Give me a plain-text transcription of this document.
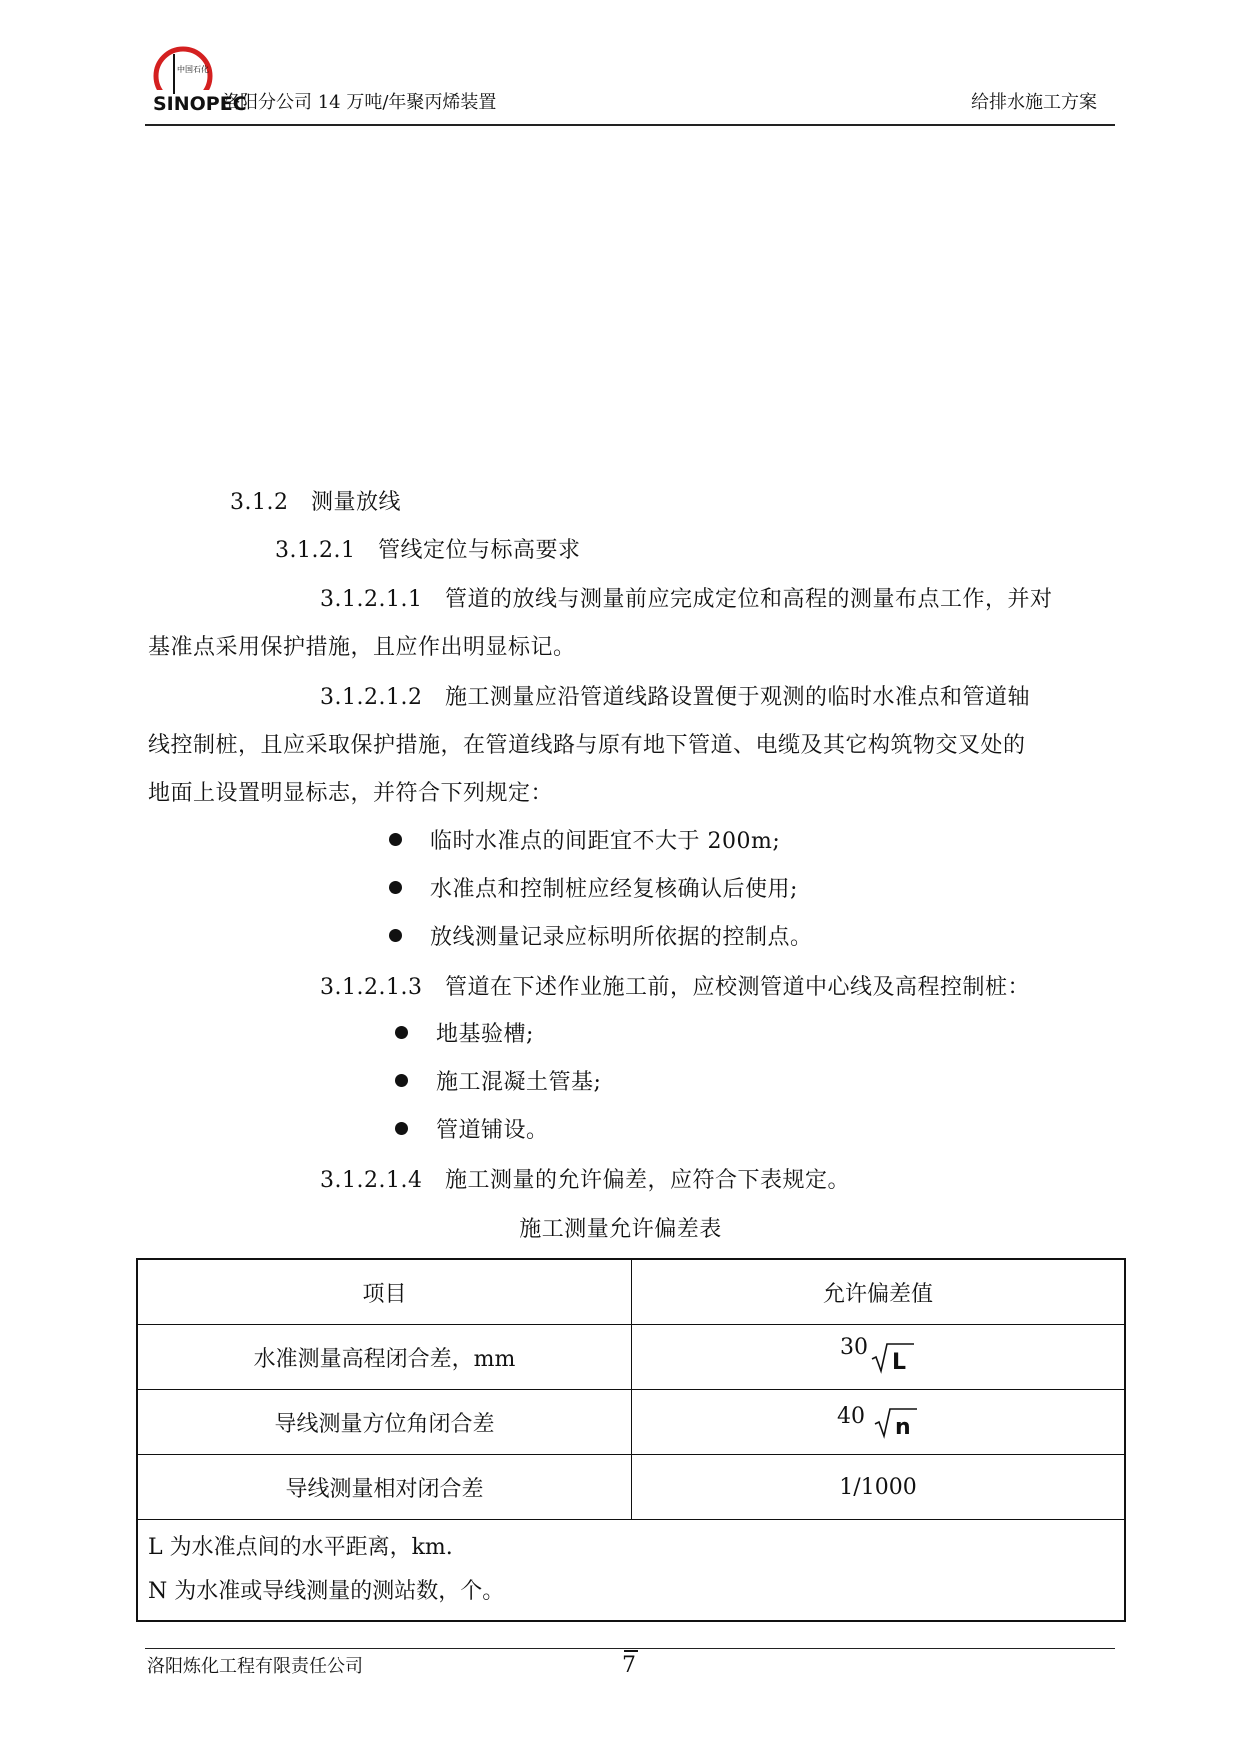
SINOPEC
中国石化
洛阳分公司 14 万吨/年聚丙烯装置	给排水施工方案
3.1.2　测量放线
3.1.2.1　管线定位与标高要求
3.1.2.1.1　管道的放线与测量前应完成定位和高程的测量布点工作，并对
基准点采用保护措施，且应作出明显标记。
3.1.2.1.2　施工测量应沿管道线路设置便于观测的临时水准点和管道轴
线控制桩，且应采取保护措施，在管道线路与原有地下管道、电缆及其它构筑物交叉处的
地面上设置明显标志，并符合下列规定：
临时水准点的间距宜不大于 200m;
水准点和控制桩应经复核确认后使用;
放线测量记录应标明所依据的控制点。
3.1.2.1.3　管道在下述作业施工前，应校测管道中心线及高程控制桩：
地基验槽;
施工混凝土管基;
管道铺设。
3.1.2.1.4　施工测量的允许偏差，应符合下表规定。
施工测量允许偏差表
项目	允许偏差值
水准测量高程闭合差，mm	30
L

导线测量方位角闭合差	40 n

导线测量相对闭合差	1/1000

L 为水准点间的水平距离，km.
N 为水准或导线测量的测站数，个。	
洛阳炼化工程有限责任公司	7
